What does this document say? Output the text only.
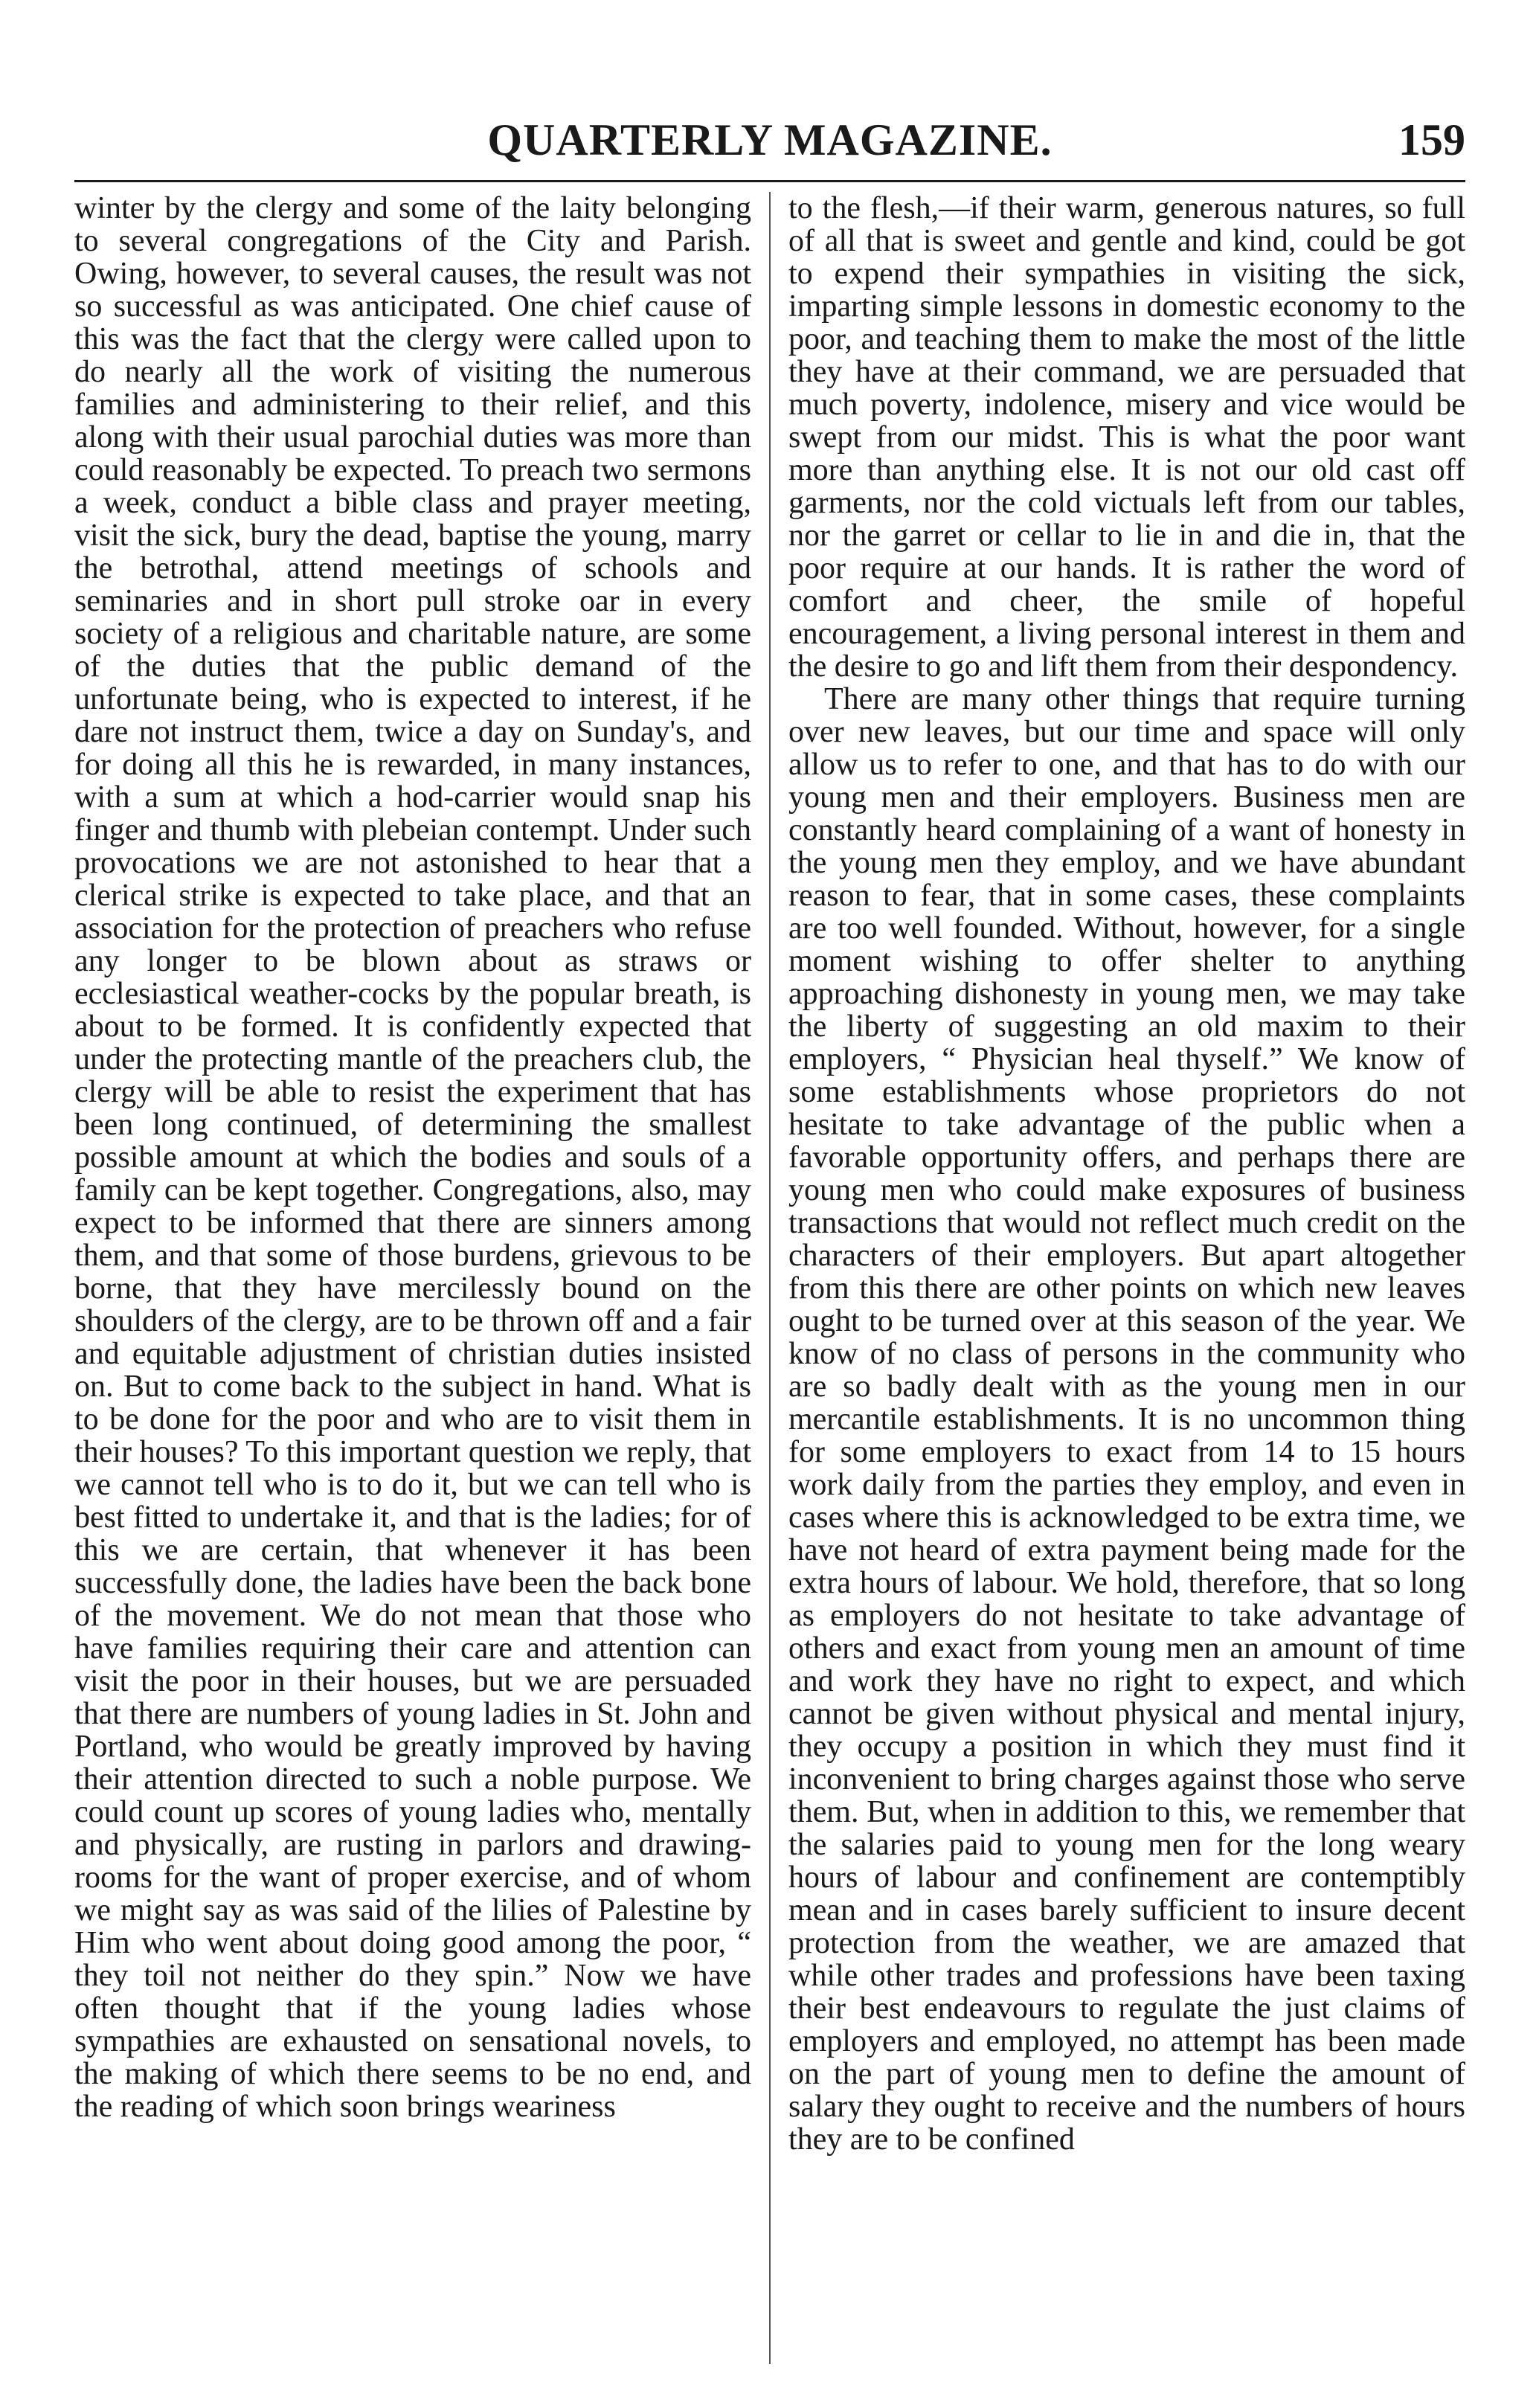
QUARTERLY MAGAZINE.	159

winter by the clergy and some of the laity belonging to several congregations of the City and Parish. Owing, however, to several causes, the result was not so successful as was anticipated. One chief cause of this was the fact that the clergy were called upon to do nearly all the work of visiting the numerous families and administering to their relief, and this along with their usual parochial duties was more than could reasonably be expected. To preach two sermons a week, conduct a bible class and prayer meeting, visit the sick, bury the dead, baptise the young, marry the betrothal, attend meetings of schools and seminaries and in short pull stroke oar in every society of a religious and charitable nature, are some of the duties that the public demand of the unfortunate being, who is expected to interest, if he dare not instruct them, twice a day on Sunday's, and for doing all this he is rewarded, in many instances, with a sum at which a hod-carrier would snap his finger and thumb with plebeian contempt. Under such provocations we are not astonished to hear that a clerical strike is expected to take place, and that an association for the protection of preachers who refuse any longer to be blown about as straws or ecclesiastical weather-cocks by the popular breath, is about to be formed. It is confidently expected that under the protecting mantle of the preachers club, the clergy will be able to resist the experiment that has been long continued, of determining the smallest possible amount at which the bodies and souls of a family can be kept together. Congregations, also, may expect to be informed that there are sinners among them, and that some of those burdens, grievous to be borne, that they have mercilessly bound on the shoulders of the clergy, are to be thrown off and a fair and equitable adjustment of christian duties insisted on. But to come back to the subject in hand. What is to be done for the poor and who are to visit them in their houses? To this important question we reply, that we cannot tell who is to do it, but we can tell who is best fitted to undertake it, and that is the ladies; for of this we are certain, that whenever it has been successfully done, the ladies have been the back bone of the movement. We do not mean that those who have families requiring their care and attention can visit the poor in their houses, but we are persuaded that there are numbers of young ladies in St. John and Portland, who would be greatly improved by having their attention directed to such a noble purpose. We could count up scores of young ladies who, mentally and physically, are rusting in parlors and drawing-rooms for the want of proper exercise, and of whom we might say as was said of the lilies of Palestine by Him who went about doing good among the poor, “ they toil not neither do they spin.” Now we have often thought that if the young ladies whose sympathies are exhausted on sensational novels, to the making of which there seems to be no end, and the reading of which soon brings weariness

to the flesh,—if their warm, generous natures, so full of all that is sweet and gentle and kind, could be got to expend their sympathies in visiting the sick, imparting simple lessons in domestic economy to the poor, and teaching them to make the most of the little they have at their command, we are persuaded that much poverty, indolence, misery and vice would be swept from our midst. This is what the poor want more than anything else. It is not our old cast off garments, nor the cold victuals left from our tables, nor the garret or cellar to lie in and die in, that the poor require at our hands. It is rather the word of comfort and cheer, the smile of hopeful encouragement, a living personal interest in them and the desire to go and lift them from their despondency.

There are many other things that require turning over new leaves, but our time and space will only allow us to refer to one, and that has to do with our young men and their employers. Business men are constantly heard complaining of a want of honesty in the young men they employ, and we have abundant reason to fear, that in some cases, these complaints are too well founded. Without, however, for a single moment wishing to offer shelter to anything approaching dishonesty in young men, we may take the liberty of suggesting an old maxim to their employers, “ Physician heal thyself.” We know of some establishments whose proprietors do not hesitate to take advantage of the public when a favorable opportunity offers, and perhaps there are young men who could make exposures of business transactions that would not reflect much credit on the characters of their employers. But apart altogether from this there are other points on which new leaves ought to be turned over at this season of the year. We know of no class of persons in the community who are so badly dealt with as the young men in our mercantile establishments. It is no uncommon thing for some employers to exact from 14 to 15 hours work daily from the parties they employ, and even in cases where this is acknowledged to be extra time, we have not heard of extra payment being made for the extra hours of labour. We hold, therefore, that so long as employers do not hesitate to take advantage of others and exact from young men an amount of time and work they have no right to expect, and which cannot be given without physical and mental injury, they occupy a position in which they must find it inconvenient to bring charges against those who serve them. But, when in addition to this, we remember that the salaries paid to young men for the long weary hours of labour and confinement are contemptibly mean and in cases barely sufficient to insure decent protection from the weather, we are amazed that while other trades and professions have been taxing their best endeavours to regulate the just claims of employers and employed, no attempt has been made on the part of young men to define the amount of salary they ought to receive and the numbers of hours they are to be confined
